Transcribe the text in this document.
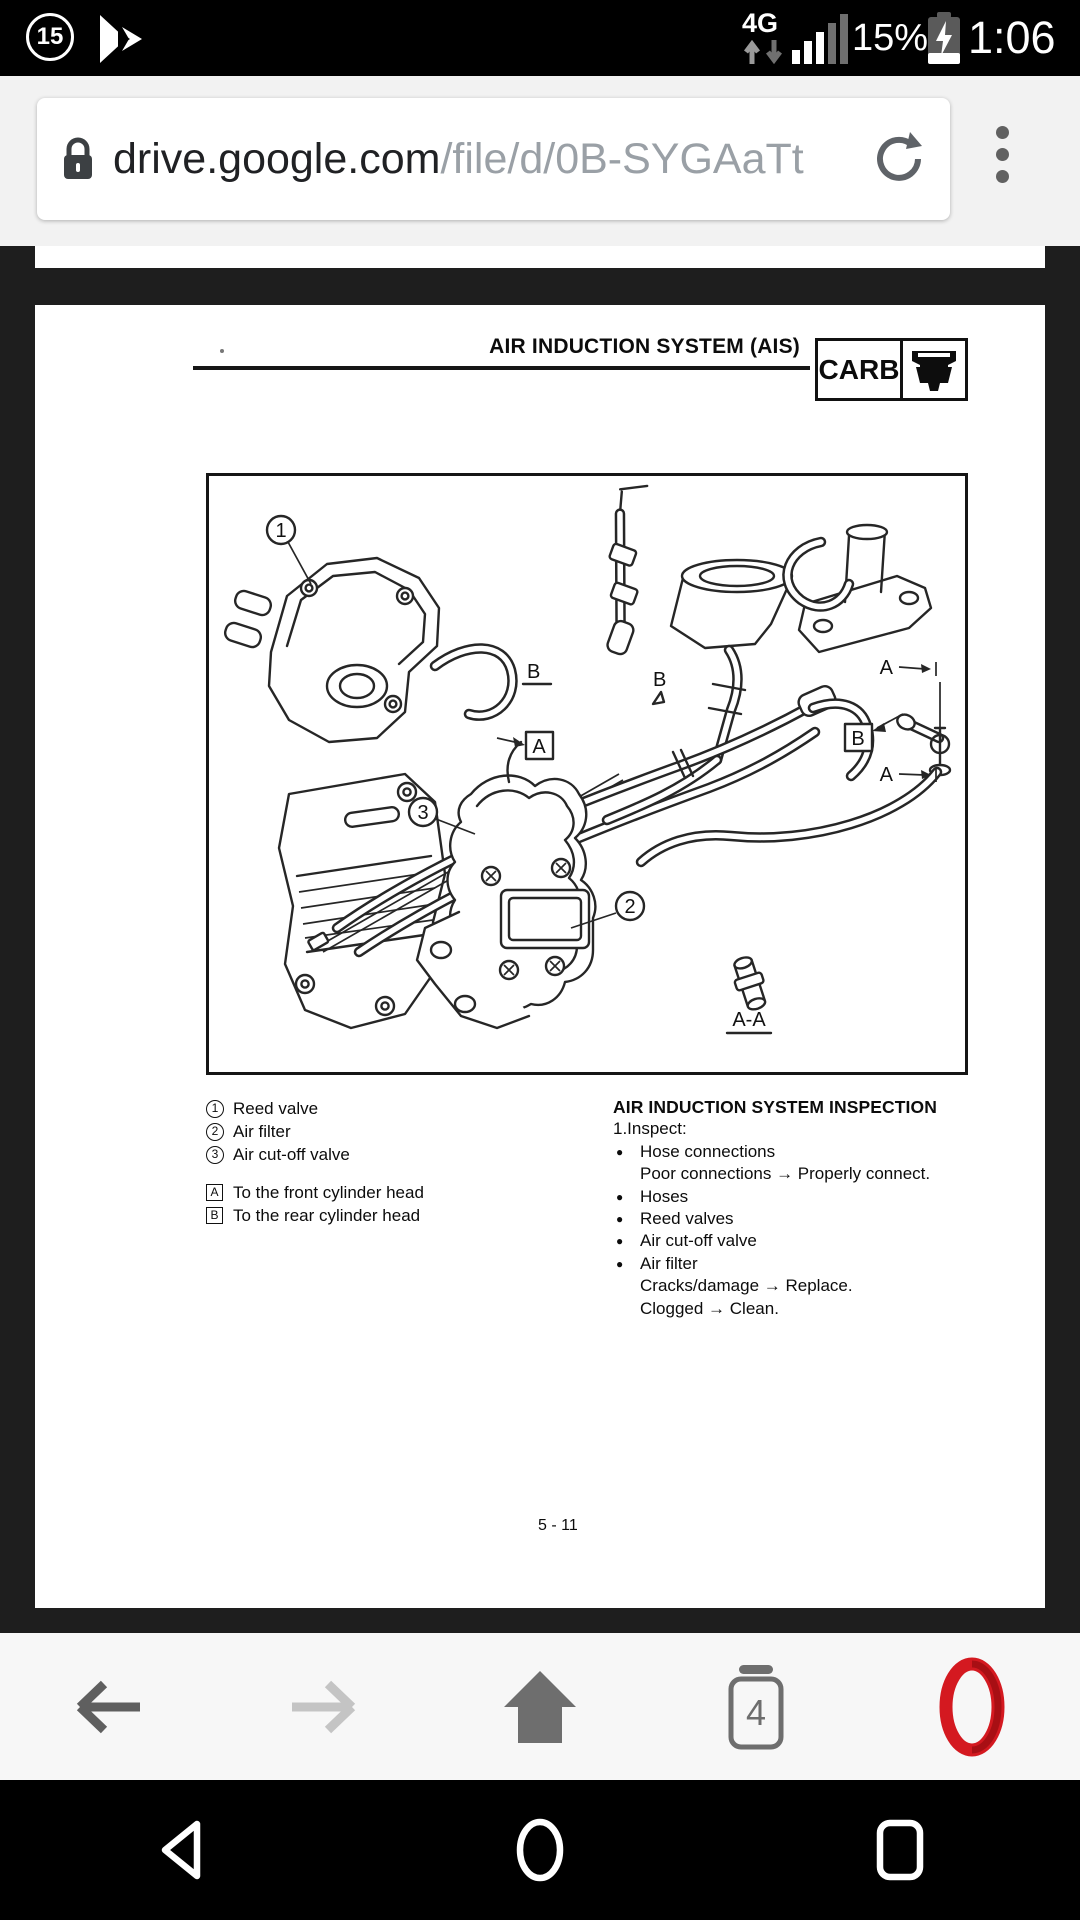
15	4G 15% 1:06
drive.google.com/file/d/0B-SYGAaTt
AIR INDUCTION SYSTEM (AIS)
CARB
1
3
2
B	B
A	B
A
A
A-A
1 Reed valve
2 Air filter
3 Air cut-off valve
A To the front cylinder head
B To the rear cylinder head
AIR INDUCTION SYSTEM INSPECTION
1.Inspect:
● Hose connections
Poor connections → Properly connect.
● Hoses
● Reed valves
● Air cut-off valve
● Air filter
Cracks/damage → Replace.
Clogged → Clean.
5 - 11
4
